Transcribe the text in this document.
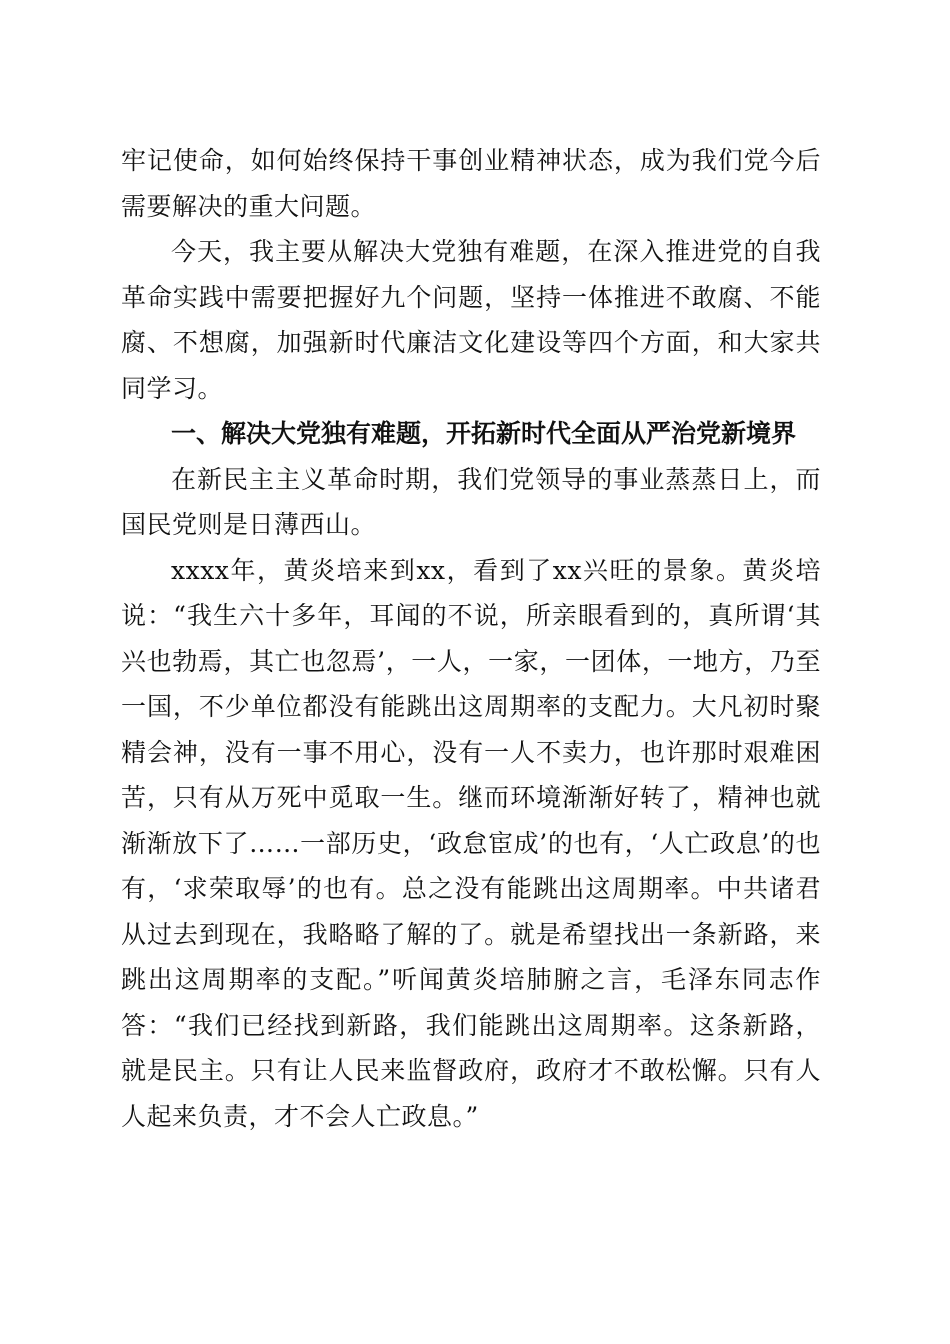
牢记使命，如何始终保持干事创业精神状态，成为我们党今后需要解决的重大问题。

今天，我主要从解决大党独有难题，在深入推进党的自我革命实践中需要把握好九个问题，坚持一体推进不敢腐、不能腐、不想腐，加强新时代廉洁文化建设等四个方面，和大家共同学习。

一、解决大党独有难题，开拓新时代全面从严治党新境界

在新民主主义革命时期，我们党领导的事业蒸蒸日上，而国民党则是日薄西山。

xxxx年，黄炎培来到xx，看到了xx兴旺的景象。黄炎培说：“我生六十多年，耳闻的不说，所亲眼看到的，真所谓‘其兴也勃焉，其亡也忽焉’，一人，一家，一团体，一地方，乃至一国，不少单位都没有能跳出这周期率的支配力。大凡初时聚精会神，没有一事不用心，没有一人不卖力，也许那时艰难困苦，只有从万死中觅取一生。继而环境渐渐好转了，精神也就渐渐放下了……一部历史，‘政怠宦成’的也有，‘人亡政息’的也有，‘求荣取辱’的也有。总之没有能跳出这周期率。中共诸君从过去到现在，我略略了解的了。就是希望找出一条新路，来跳出这周期率的支配。”听闻黄炎培肺腑之言，毛泽东同志作答：“我们已经找到新路，我们能跳出这周期率。这条新路，就是民主。只有让人民来监督政府，政府才不敢松懈。只有人人起来负责，才不会人亡政息。”
